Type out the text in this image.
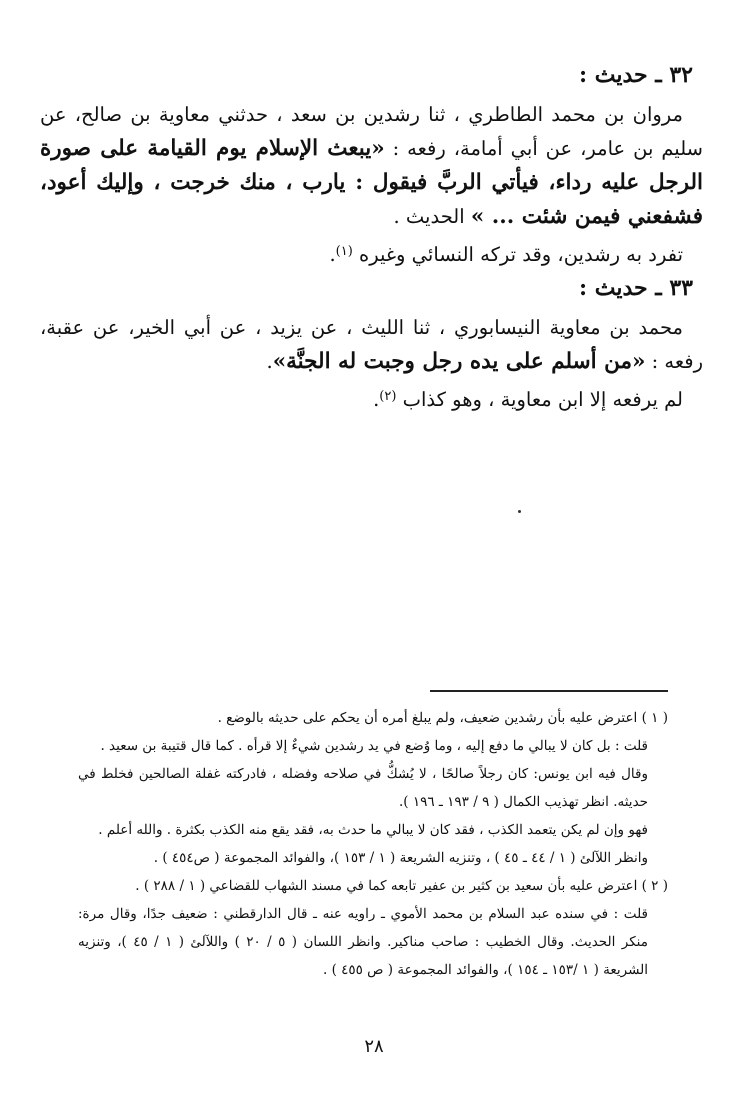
٣٢ ـ حديث :

مروان بن محمد الطاطري ، ثنا رشدين بن سعد ، حدثني معاوية بن صالح، عن سليم بن عامر، عن أبي أمامة، رفعه : «يبعث الإسلام يوم القيامة على صورة الرجل عليه رداء، فيأتي الربَّ فيقول : يارب ، منك خرجت ، وإليك أعود، فشفعني فيمن شئت ... » الحديث .

تفرد به رشدين، وقد تركه النسائي وغيره $^{(١)}$.

٣٣ ـ حديث :

محمد بن معاوية النيسابوري ، ثنا الليث ، عن يزيد ، عن أبي الخير، عن عقبة، رفعه : «من أسلم على يده رجل وجبت له الجنَّة».

لم يرفعه إلا ابن معاوية ، وهو كذاب $^{(٢)}$.

( ١ ) اعترض عليه بأن رشدين ضعيف، ولم يبلغ أمره أن يحكم على حديثه بالوضع .

قلت : بل كان لا يبالي ما دفع إليه ، وما وُضع في يد رشدين شيءٌ إلا قرأه . كما قال قتيبة بن سعيد .

وقال فيه ابن يونس: كان رجلاً صالحًا ، لا يُشكُّ في صلاحه وفضله ، فادركته غفلة الصالحين فخلط في حديثه. انظر تهذيب الكمال ( ٩ / ١٩٣ ـ ١٩٦ ).

فهو وإن لم يكن يتعمد الكذب ، فقد كان لا يبالي ما حدث به، فقد يقع منه الكذب بكثرة . والله أعلم .

وانظر اللآلئ ( ١ / ٤٤ ـ ٤٥ ) ، وتنزيه الشريعة ( ١ / ١٥٣ )، والفوائد المجموعة ( ص٤٥٤ ) .

( ٢ ) اعترض عليه بأن سعيد بن كثير بن عفير تابعه كما في مسند الشهاب للقضاعي ( ١ / ٢٨٨ ) .

قلت : في سنده عبد السلام بن محمد الأموي ـ راويه عنه ـ قال الدارقطني : ضعيف جدًا، وقال مرة: منكر الحديث. وقال الخطيب : صاحب مناكير. وانظر اللسان ( ٥ / ٢٠ ) واللآلئ ( ١ / ٤٥ )، وتنزيه الشريعة ( ١ /١٥٣ ـ ١٥٤ )، والفوائد المجموعة ( ص ٤٥٥ ) .

٢٨
